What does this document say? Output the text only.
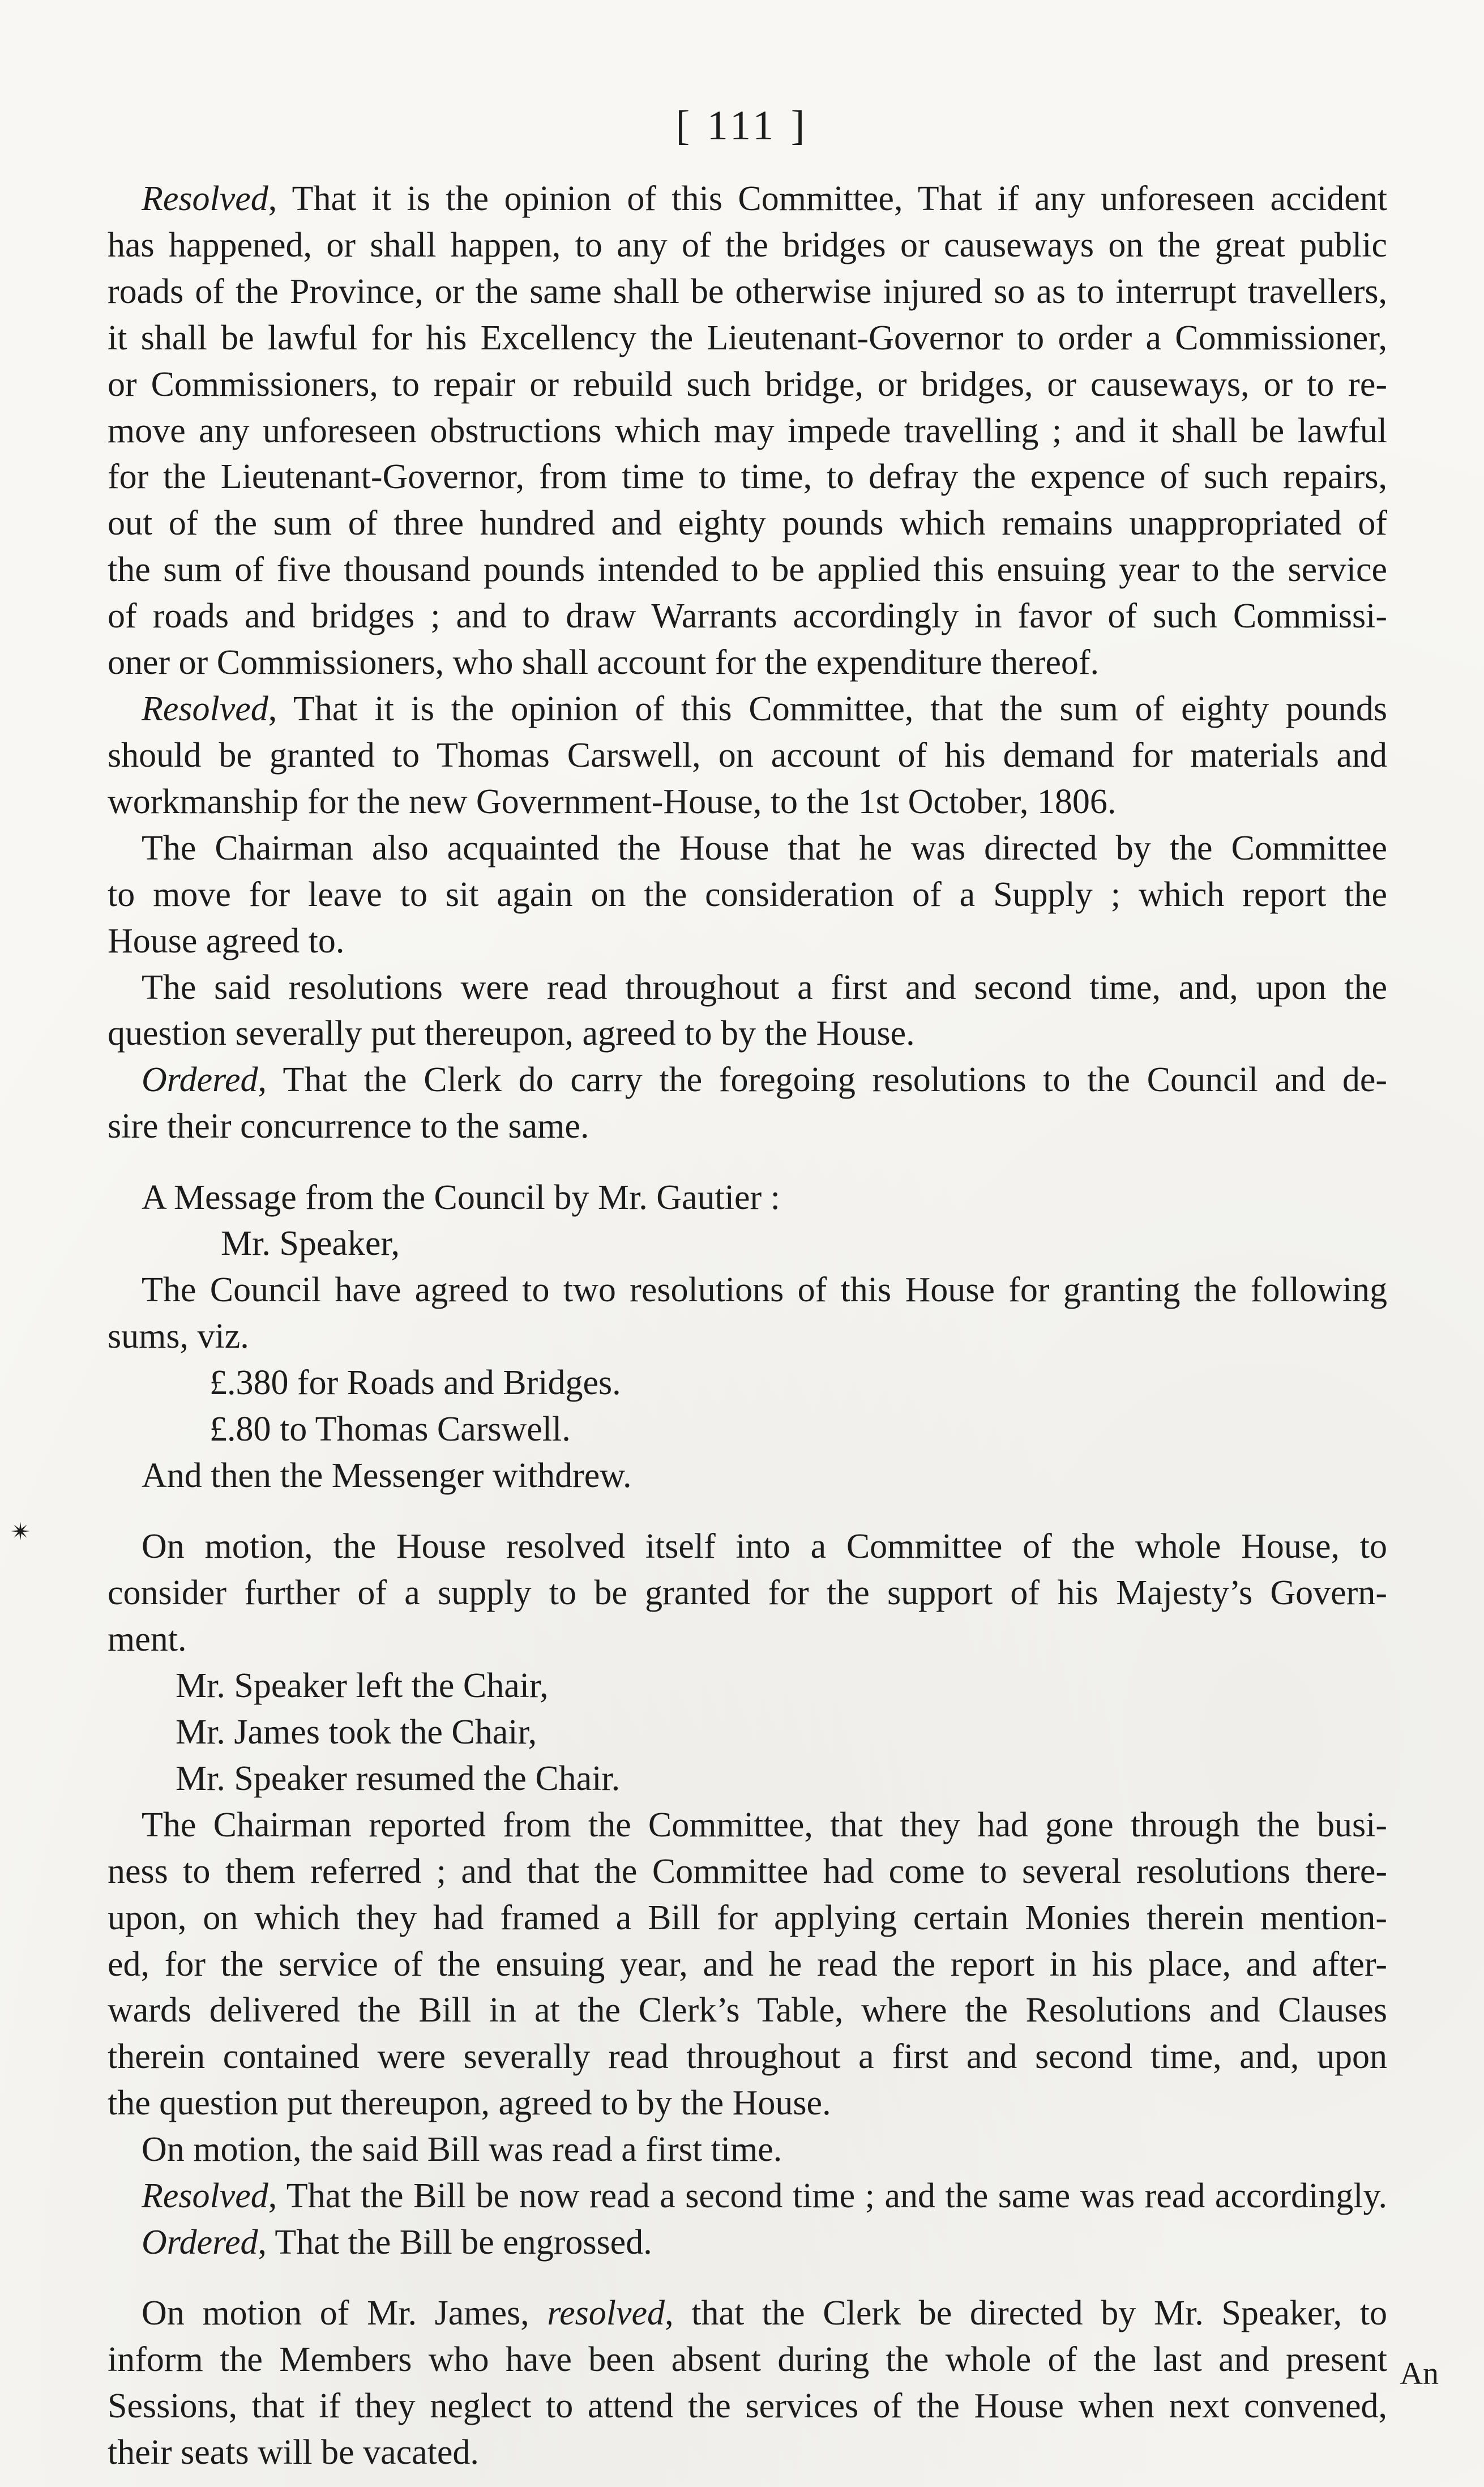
[ 111 ]
✴
Resolved, That it is the opinion of this Committee, That if any unforeseen accident
has happened, or shall happen, to any of the bridges or causeways on the great public
roads of the Province, or the same shall be otherwise injured so as to interrupt travellers,
it shall be lawful for his Excellency the Lieutenant-Governor to order a Commissioner,
or Commissioners, to repair or rebuild such bridge, or bridges, or causeways, or to re-
move any unforeseen obstructions which may impede travelling ; and it shall be lawful
for the Lieutenant-Governor, from time to time, to defray the expence of such repairs,
out of the sum of three hundred and eighty pounds which remains unappropriated of
the sum of five thousand pounds intended to be applied this ensuing year to the service
of roads and bridges ; and to draw Warrants accordingly in favor of such Commissi-
oner or Commissioners, who shall account for the expenditure thereof.
Resolved, That it is the opinion of this Committee, that the sum of eighty pounds
should be granted to Thomas Carswell, on account of his demand for materials and
workmanship for the new Government-House, to the 1st October, 1806.
The Chairman also acquainted the House that he was directed by the Committee
to move for leave to sit again on the consideration of a Supply ; which report the
House agreed to.
The said resolutions were read throughout a first and second time, and, upon the
question severally put thereupon, agreed to by the House.
Ordered, That the Clerk do carry the foregoing resolutions to the Council and de-
sire their concurrence to the same.
A Message from the Council by Mr. Gautier :
Mr. Speaker,
The Council have agreed to two resolutions of this House for granting the following
sums, viz.
£.380 for Roads and Bridges.
£.80 to Thomas Carswell.
And then the Messenger withdrew.
On motion, the House resolved itself into a Committee of the whole House, to
consider further of a supply to be granted for the support of his Majesty’s Govern-
ment.
Mr. Speaker left the Chair,
Mr. James took the Chair,
Mr. Speaker resumed the Chair.
The Chairman reported from the Committee, that they had gone through the busi-
ness to them referred ; and that the Committee had come to several resolutions there-
upon, on which they had framed a Bill for applying certain Monies therein mention-
ed, for the service of the ensuing year, and he read the report in his place, and after-
wards delivered the Bill in at the Clerk’s Table, where the Resolutions and Clauses
therein contained were severally read throughout a first and second time, and, upon
the question put thereupon, agreed to by the House.
On motion, the said Bill was read a first time.
Resolved, That the Bill be now read a second time ; and the same was read accordingly.
Ordered, That the Bill be engrossed.
On motion of Mr. James, resolved, that the Clerk be directed by Mr. Speaker, to
inform the Members who have been absent during the whole of the last and present
Sessions, that if they neglect to attend the services of the House when next convened,
their seats will be vacated.
An
